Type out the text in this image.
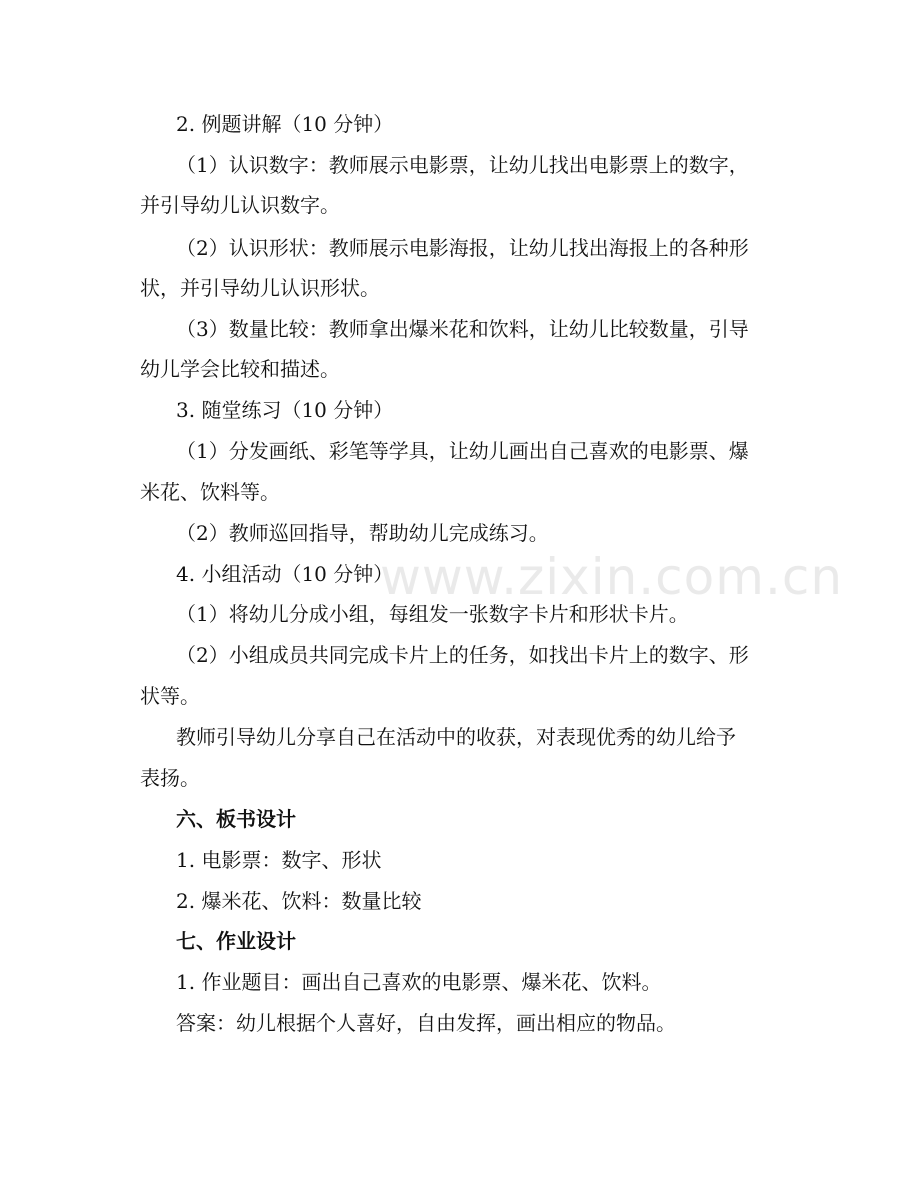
2. 例题讲解（10 分钟）
（1）认识数字：教师展示电影票，让幼儿找出电影票上的数字，
并引导幼儿认识数字。
（2）认识形状：教师展示电影海报，让幼儿找出海报上的各种形
状，并引导幼儿认识形状。
（3）数量比较：教师拿出爆米花和饮料，让幼儿比较数量，引导
幼儿学会比较和描述。
3. 随堂练习（10 分钟）
（1）分发画纸、彩笔等学具，让幼儿画出自己喜欢的电影票、爆
米花、饮料等。
（2）教师巡回指导，帮助幼儿完成练习。
4. 小组活动（10 分钟）
（1）将幼儿分成小组，每组发一张数字卡片和形状卡片。
（2）小组成员共同完成卡片上的任务，如找出卡片上的数字、形
状等。
教师引导幼儿分享自己在活动中的收获，对表现优秀的幼儿给予
表扬。
六、板书设计
1. 电影票：数字、形状
2. 爆米花、饮料：数量比较
七、作业设计
1. 作业题目：画出自己喜欢的电影票、爆米花、饮料。
答案：幼儿根据个人喜好，自由发挥，画出相应的物品。
www.zixin.com.cn
